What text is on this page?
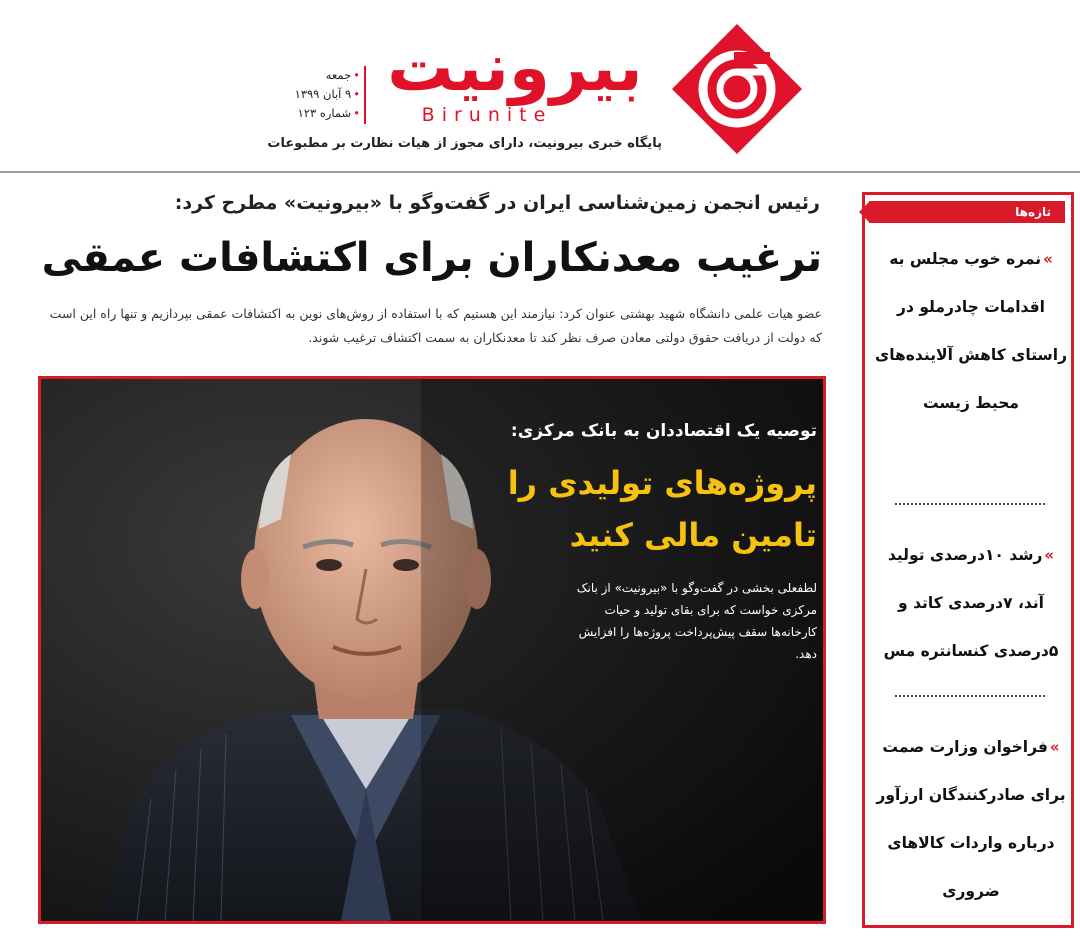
بیرونیت
Birunite
پایگاه خبری بیرونیت، دارای مجوز از هیات نظارت بر مطبوعات
• جمعه
• ۹ آبان ۱۳۹۹
• شماره ۱۲۳
رئیس انجمن زمین‌شناسی ایران در گفت‌وگو با «بیرونیت» مطرح کرد:
ترغیب معدنکاران برای اکتشافات عمقی

عضو هیات علمی دانشگاه شهید بهشتی عنوان کرد: نیازمند این هستیم که با استفاده از روش‌های نوین به اکتشافات عمقی بپردازیم و تنها راه این است که دولت از دریافت حقوق دولتی معادن صرف نظر کند تا معدنکاران به سمت اکتشاف ترغیب شوند.

توصیه یک اقتصاددان به بانک مرکزی:
پروژه‌های تولیدی را تامین مالی کنید

لطفعلی بخشی در گفت‌وگو با «بیرونیت» از بانک مرکزی خواست که برای بقای تولید و حیات کارخانه‌ها سقف پیش‌پرداخت پروژه‌ها را افزایش دهد.

تازه‌ها
»نمره خوب مجلس به اقدامات چادرملو در راستای کاهش آلاینده‌های محیط زیست
»رشد ۱۰درصدی تولید آند، ۷درصدی کاتد و ۵درصدی کنسانتره مس
»فراخوان وزارت صمت برای صادرکنندگان ارزآور درباره واردات کالاهای ضروری
